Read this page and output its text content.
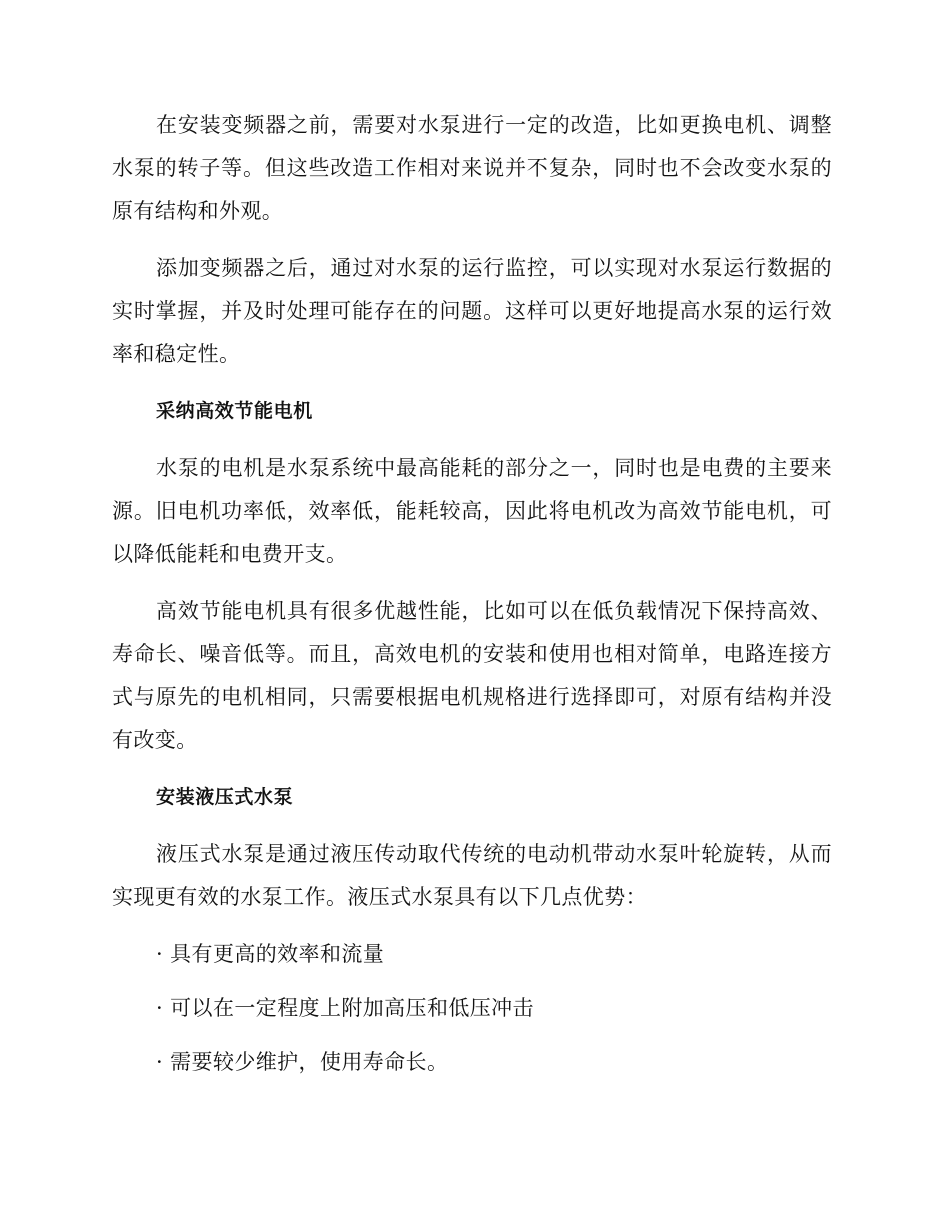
在安装变频器之前，需要对水泵进行一定的改造，比如更换电机、调整水泵的转子等。但这些改造工作相对来说并不复杂，同时也不会改变水泵的原有结构和外观。

添加变频器之后，通过对水泵的运行监控，可以实现对水泵运行数据的实时掌握，并及时处理可能存在的问题。这样可以更好地提高水泵的运行效率和稳定性。

采纳高效节能电机

水泵的电机是水泵系统中最高能耗的部分之一，同时也是电费的主要来源。旧电机功率低，效率低，能耗较高，因此将电机改为高效节能电机，可以降低能耗和电费开支。

高效节能电机具有很多优越性能，比如可以在低负载情况下保持高效、寿命长、噪音低等。而且，高效电机的安装和使用也相对简单，电路连接方式与原先的电机相同，只需要根据电机规格进行选择即可，对原有结构并没有改变。

安装液压式水泵

液压式水泵是通过液压传动取代传统的电动机带动水泵叶轮旋转，从而实现更有效的水泵工作。液压式水泵具有以下几点优势：

· 具有更高的效率和流量
· 可以在一定程度上附加高压和低压冲击
· 需要较少维护，使用寿命长。
